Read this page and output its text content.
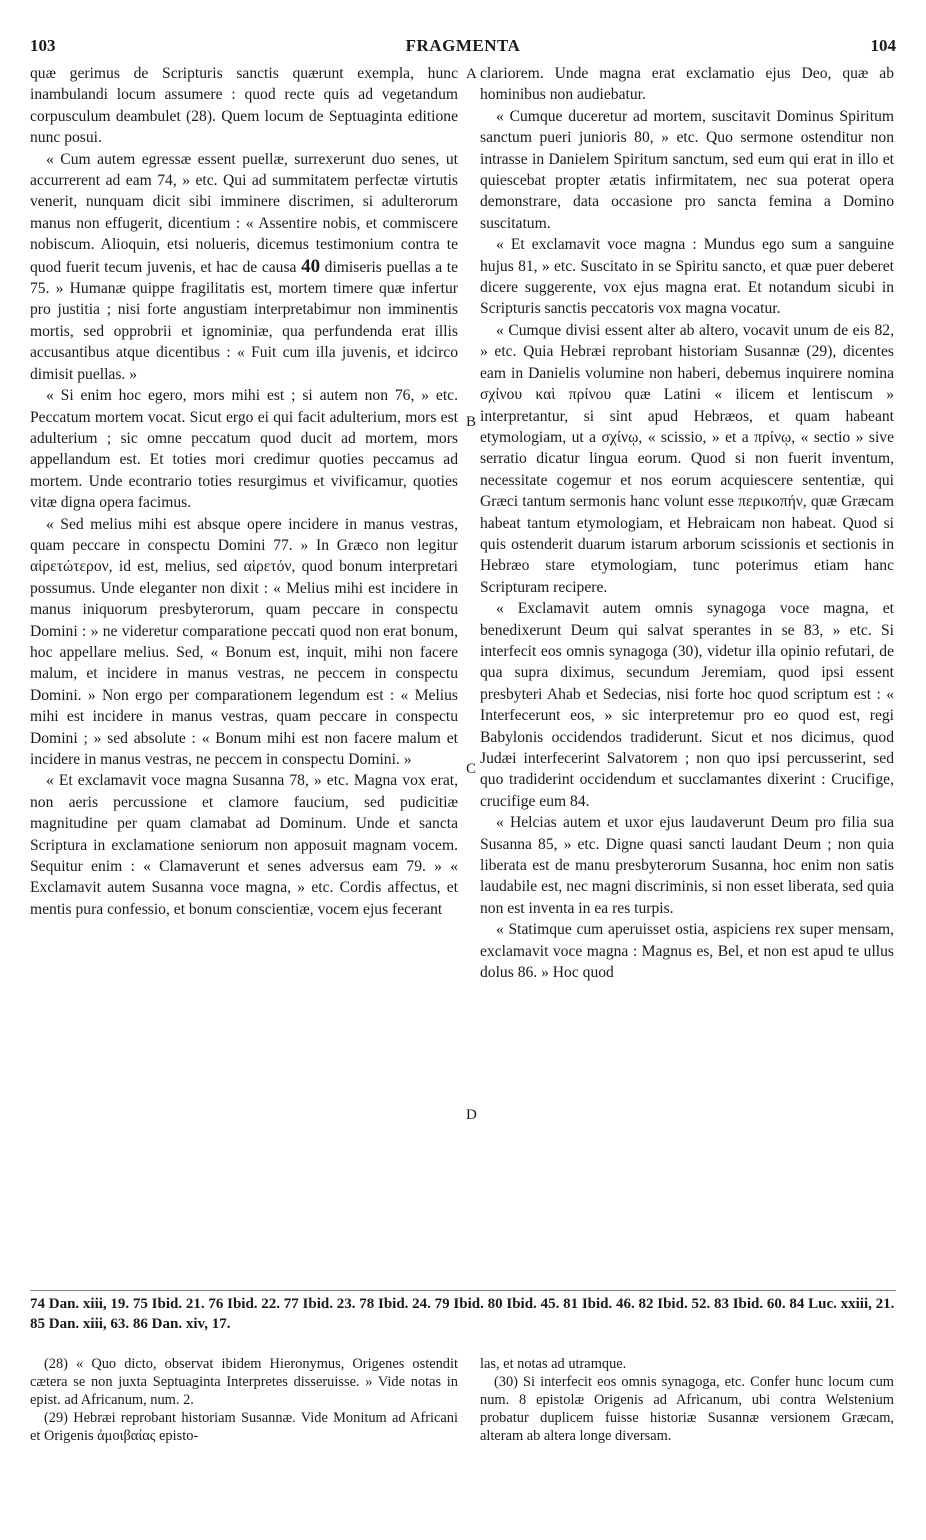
103	FRAGMENTA	104

quæ gerimus de Scripturis sanctis quærunt exempla, hunc inambulandi locum assumere : quod recte quis ad vegetandum corpusculum deambulet (28). Quem locum de Septuaginta editione nunc posui.

« Cum autem egressæ essent puellæ, surrexerunt duo senes, ut accurrerent ad eam 74, » etc. Qui ad summitatem perfectæ virtutis venerit, nunquam dicit sibi imminere discrimen, si adulterorum manus non effugerit, dicentium : « Assentire nobis, et commiscere nobiscum. Alioquin, etsi nolueris, dicemus testimonium contra te quod fuerit tecum juvenis, et hac de causa 40 dimiseris puellas a te 75. » Humanæ quippe fragilitatis est, mortem timere quæ infertur pro justitia ; nisi forte angustiam interpretabimur non imminentis mortis, sed opprobrii et ignominiæ, qua perfundenda erat illis accusantibus atque dicentibus : « Fuit cum illa juvenis, et idcirco dimisit puellas. »

« Si enim hoc egero, mors mihi est ; si autem non 76, » etc. Peccatum mortem vocat. Sicut ergo ei qui facit adulterium, mors est adulterium ; sic omne peccatum quod ducit ad mortem, mors appellandum est. Et toties mori credimur quoties peccamus ad mortem. Unde econtrario toties resurgimus et vivificamur, quoties vitæ digna opera facimus.

« Sed melius mihi est absque opere incidere in manus vestras, quam peccare in conspectu Domini 77. » In Græco non legitur αἱρετώτερον, id est, melius, sed αἱρετόν, quod bonum interpretari possumus. Unde eleganter non dixit : « Melius mihi est incidere in manus iniquorum presbyterorum, quam peccare in conspectu Domini : » ne videretur comparatione peccati quod non erat bonum, hoc appellare melius. Sed, « Bonum est, inquit, mihi non facere malum, et incidere in manus vestras, ne peccem in conspectu Domini. » Non ergo per comparationem legendum est : « Melius mihi est incidere in manus vestras, quam peccare in conspectu Domini ; » sed absolute : « Bonum mihi est non facere malum et incidere in manus vestras, ne peccem in conspectu Domini. »

« Et exclamavit voce magna Susanna 78, » etc. Magna vox erat, non aeris percussione et clamore faucium, sed pudicitiæ magnitudine per quam clamabat ad Dominum. Unde et sancta Scriptura in exclamatione seniorum non apposuit magnam vocem. Sequitur enim : « Clamaverunt et senes adversus eam 79. » « Exclamavit autem Susanna voce magna, » etc. Cordis affectus, et mentis pura confessio, et bonum conscientiæ, vocem ejus fecerant

A
B
C
D

clariorem. Unde magna erat exclamatio ejus Deo, quæ ab hominibus non audiebatur.

« Cumque duceretur ad mortem, suscitavit Dominus Spiritum sanctum pueri junioris 80, » etc. Quo sermone ostenditur non intrasse in Danielem Spiritum sanctum, sed eum qui erat in illo et quiescebat propter ætatis infirmitatem, nec sua poterat opera demonstrare, data occasione pro sancta femina a Domino suscitatum.

« Et exclamavit voce magna : Mundus ego sum a sanguine hujus 81, » etc. Suscitato in se Spiritu sancto, et quæ puer deberet dicere suggerente, vox ejus magna erat. Et notandum sicubi in Scripturis sanctis peccatoris vox magna vocatur.

« Cumque divisi essent alter ab altero, vocavit unum de eis 82, » etc. Quia Hebræi reprobant historiam Susannæ (29), dicentes eam in Danielis volumine non haberi, debemus inquirere nomina σχίνου καὶ πρίνου quæ Latini « ilicem et lentiscum » interpretantur, si sint apud Hebræos, et quam habeant etymologiam, ut a σχίνῳ, « scissio, » et a πρίνῳ, « sectio » sive serratio dicatur lingua eorum. Quod si non fuerit inventum, necessitate cogemur et nos eorum acquiescere sententiæ, qui Græci tantum sermonis hanc volunt esse περικοπήν, quæ Græcam habeat tantum etymologiam, et Hebraicam non habeat. Quod si quis ostenderit duarum istarum arborum scissionis et sectionis in Hebræo stare etymologiam, tunc poterimus etiam hanc Scripturam recipere.

« Exclamavit autem omnis synagoga voce magna, et benedixerunt Deum qui salvat sperantes in se 83, » etc. Si interfecit eos omnis synagoga (30), videtur illa opinio refutari, de qua supra diximus, secundum Jeremiam, quod ipsi essent presbyteri Ahab et Sedecias, nisi forte hoc quod scriptum est : « Interfecerunt eos, » sic interpretemur pro eo quod est, regi Babylonis occidendos tradiderunt. Sicut et nos dicimus, quod Judæi interfecerint Salvatorem ; non quo ipsi percusserint, sed quo tradiderint occidendum et succlamantes dixerint : Crucifige, crucifige eum 84.

« Helcias autem et uxor ejus laudaverunt Deum pro filia sua Susanna 85, » etc. Digne quasi sancti laudant Deum ; non quia liberata est de manu presbyterorum Susanna, hoc enim non satis laudabile est, nec magni discriminis, si non esset liberata, sed quia non est inventa in ea res turpis.

« Statimque cum aperuisset ostia, aspiciens rex super mensam, exclamavit voce magna : Magnus es, Bel, et non est apud te ullus dolus 86. » Hoc quod

74 Dan. xiii, 19. 75 Ibid. 21. 76 Ibid. 22. 77 Ibid. 23. 78 Ibid. 24. 79 Ibid. 80 Ibid. 45. 81 Ibid. 46. 82 Ibid. 52. 83 Ibid. 60. 84 Luc. xxiii, 21. 85 Dan. xiii, 63. 86 Dan. xiv, 17.

(28) « Quo dicto, observat ibidem Hieronymus, Origenes ostendit cætera se non juxta Septuaginta Interpretes disseruisse. » Vide notas in epist. ad Africanum, num. 2.

(29) Hebræi reprobant historiam Susannæ. Vide Monitum ad Africani et Origenis ἀμοιβαίας episto-

las, et notas ad utramque.

(30) Si interfecit eos omnis synagoga, etc. Confer hunc locum cum num. 8 epistolæ Origenis ad Africanum, ubi contra Welstenium probatur duplicem fuisse historiæ Susannæ versionem Græcam, alteram ab altera longe diversam.
